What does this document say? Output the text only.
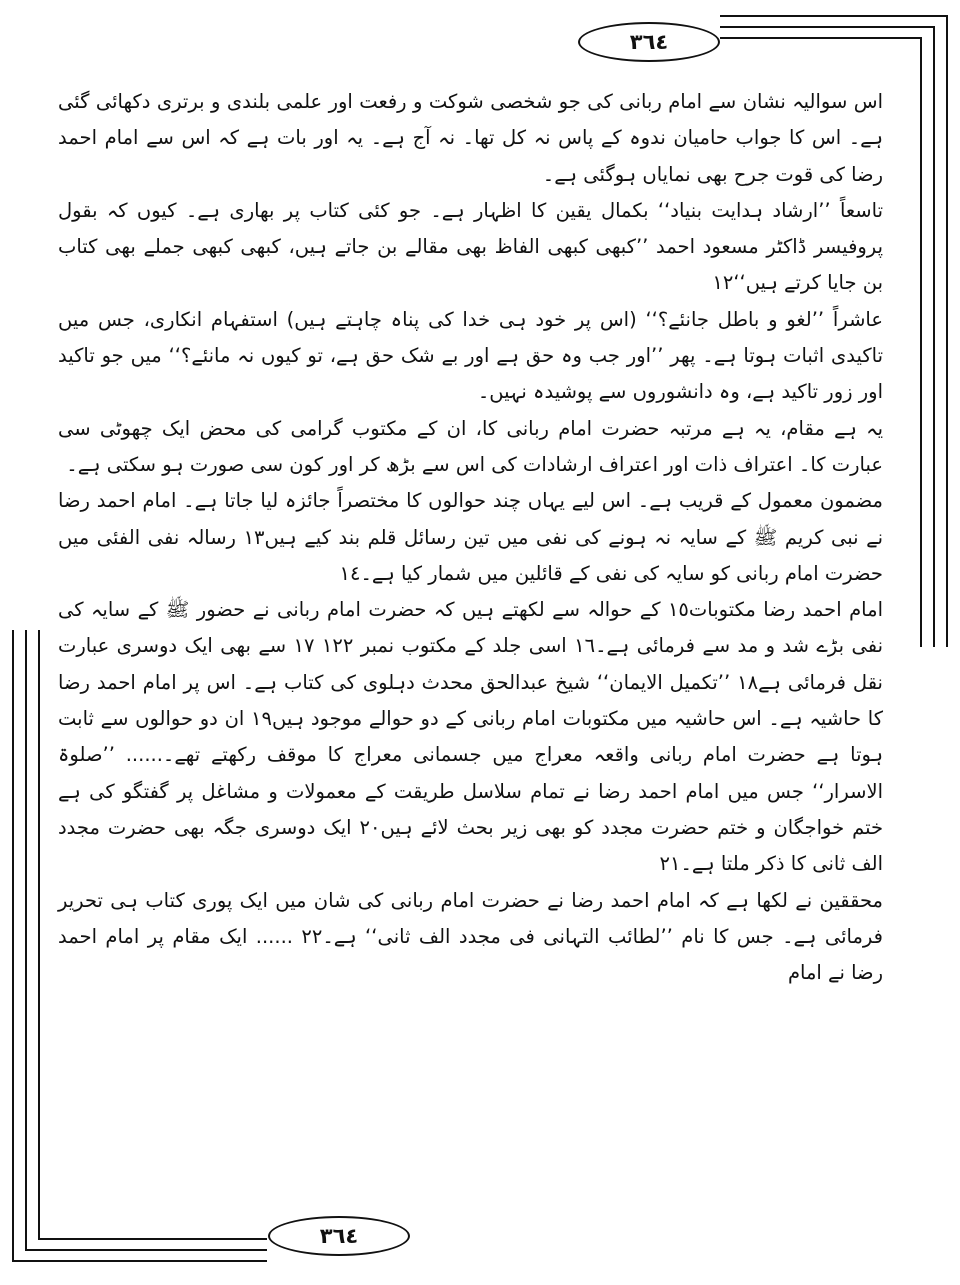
٣٦٤
٣٦٤

اس سوالیہ نشان سے امام ربانی کی جو شخصی شوکت و رفعت اور علمی بلندی و برتری دکھائی گئی ہے۔ اس کا جواب حامیان ندوہ کے پاس نہ کل تھا۔ نہ آج ہے۔ یہ اور بات ہے کہ اس سے امام احمد رضا کی قوت جرح بھی نمایاں ہوگئی ہے۔

تاسعاً ’’ارشاد ہدایت بنیاد‘‘ بکمال یقین کا اظہار ہے۔ جو کئی کتاب پر بھاری ہے۔ کیوں کہ بقول پروفیسر ڈاکٹر مسعود احمد ’’کبھی کبھی الفاظ بھی مقالے بن جاتے ہیں، کبھی کبھی جملے بھی کتاب بن جایا کرتے ہیں‘‘١٢

عاشراً ’’لغو و باطل جانئے؟‘‘ (اس پر خود ہی خدا کی پناہ چاہتے ہیں) استفہام انکاری، جس میں تاکیدی اثبات ہوتا ہے۔ پھر ’’اور جب وہ حق ہے اور بے شک حق ہے، تو کیوں نہ مانئے؟‘‘ میں جو تاکید اور زور تاکید ہے، وہ دانشوروں سے پوشیدہ نہیں۔

یہ ہے مقام، یہ ہے مرتبہ حضرت امام ربانی کا، ان کے مکتوب گرامی کی محض ایک چھوٹی سی عبارت کا۔ اعتراف ذات اور اعتراف ارشادات کی اس سے بڑھ کر اور کون سی صورت ہو سکتی ہے۔

مضمون معمول کے قریب ہے۔ اس لیے یہاں چند حوالوں کا مختصراً جائزہ لیا جاتا ہے۔ امام احمد رضا نے نبی کریم ﷺ کے سایہ نہ ہونے کی نفی میں تین رسائل قلم بند کیے ہیں١٣ رسالہ نفی الفئی میں حضرت امام ربانی کو سایہ کی نفی کے قائلین میں شمار کیا ہے۔١٤

امام احمد رضا مکتوبات١٥ کے حوالہ سے لکھتے ہیں کہ حضرت امام ربانی نے حضور ﷺ کے سایہ کی نفی بڑے شد و مد سے فرمائی ہے۔١٦ اسی جلد کے مکتوب نمبر ١٢٢ ١٧ سے بھی ایک دوسری عبارت نقل فرمائی ہے١٨ ’’تکمیل الایمان‘‘ شیخ عبدالحق محدث دہلوی کی کتاب ہے۔ اس پر امام احمد رضا کا حاشیہ ہے۔ اس حاشیہ میں مکتوبات امام ربانی کے دو حوالے موجود ہیں١٩ ان دو حوالوں سے ثابت ہوتا ہے حضرت امام ربانی واقعہ معراج میں جسمانی معراج کا موقف رکھتے تھے۔...... ’’صلوۃ الاسرار‘‘ جس میں امام احمد رضا نے تمام سلاسل طریقت کے معمولات و مشاغل پر گفتگو کی ہے ختم خواجگان و ختم حضرت مجدد کو بھی زیر بحث لائے ہیں٢٠ ایک دوسری جگہ بھی حضرت مجدد الف ثانی کا ذکر ملتا ہے۔٢١

محققین نے لکھا ہے کہ امام احمد رضا نے حضرت امام ربانی کی شان میں ایک پوری کتاب ہی تحریر فرمائی ہے۔ جس کا نام ’’لطائب التہانی فی مجدد الف ثانی‘‘ ہے۔٢٢ ...... ایک مقام پر امام احمد رضا نے امام
